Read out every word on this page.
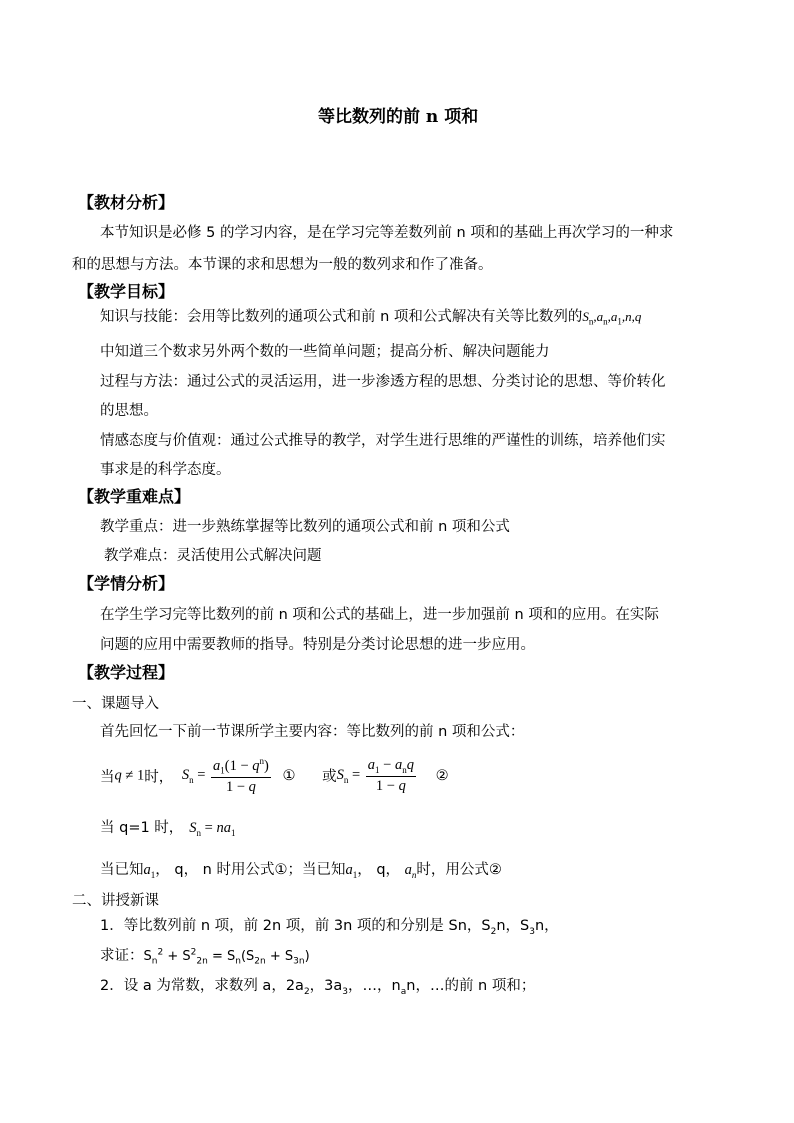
等比数列的前 n 项和
【教材分析】
本节知识是必修 5 的学习内容，是在学习完等差数列前 n 项和的基础上再次学习的一种求
和的思想与方法。本节课的求和思想为一般的数列求和作了准备。
【教学目标】
知识与技能：会用等比数列的通项公式和前 n 项和公式解决有关等比数列的$S_n,a_n,a_1,n,q$
中知道三个数求另外两个数的一些简单问题；提高分析、解决问题能力
过程与方法：通过公式的灵活运用，进一步渗透方程的思想、分类讨论的思想、等价转化
的思想。
情感态度与价值观：通过公式推导的教学，对学生进行思维的严谨性的训练，培养他们实
事求是的科学态度。
【教学重难点】
教学重点：进一步熟练掌握等比数列的通项公式和前 n 项和公式
教学难点：灵活使用公式解决问题
【学情分析】
在学生学习完等比数列的前 n 项和公式的基础上，进一步加强前 n 项和的应用。在实际
问题的应用中需要教师的指导。特别是分类讨论思想的进一步应用。
【教学过程】
一、课题导入
首先回忆一下前一节课所学主要内容：等比数列的前 n 项和公式：
当q ≠ 1时， $S_n = \frac{a_1(1 - q^n)}{1 - q}$ ① 或$S_n = \frac{a_1 - a_nq}{1 - q}$ ②
当 q=1 时， $S_n = na_1$
当已知$a_1$， q， n 时用公式①；当已知$a_1$， q， $a_n$时，用公式②
二、讲授新课
1．等比数列前 n 项，前 2n 项，前 3n 项的和分别是 Sn，$S_2n$，$S_3n$，
求证：$S_n^2 + S^2_{2n} = S_n(S_{2n} + S_{3n})$
2．设 a 为常数，求数列 a，$2a_2$，$3a_3$，…，$n_an$，…的前 n 项和；
